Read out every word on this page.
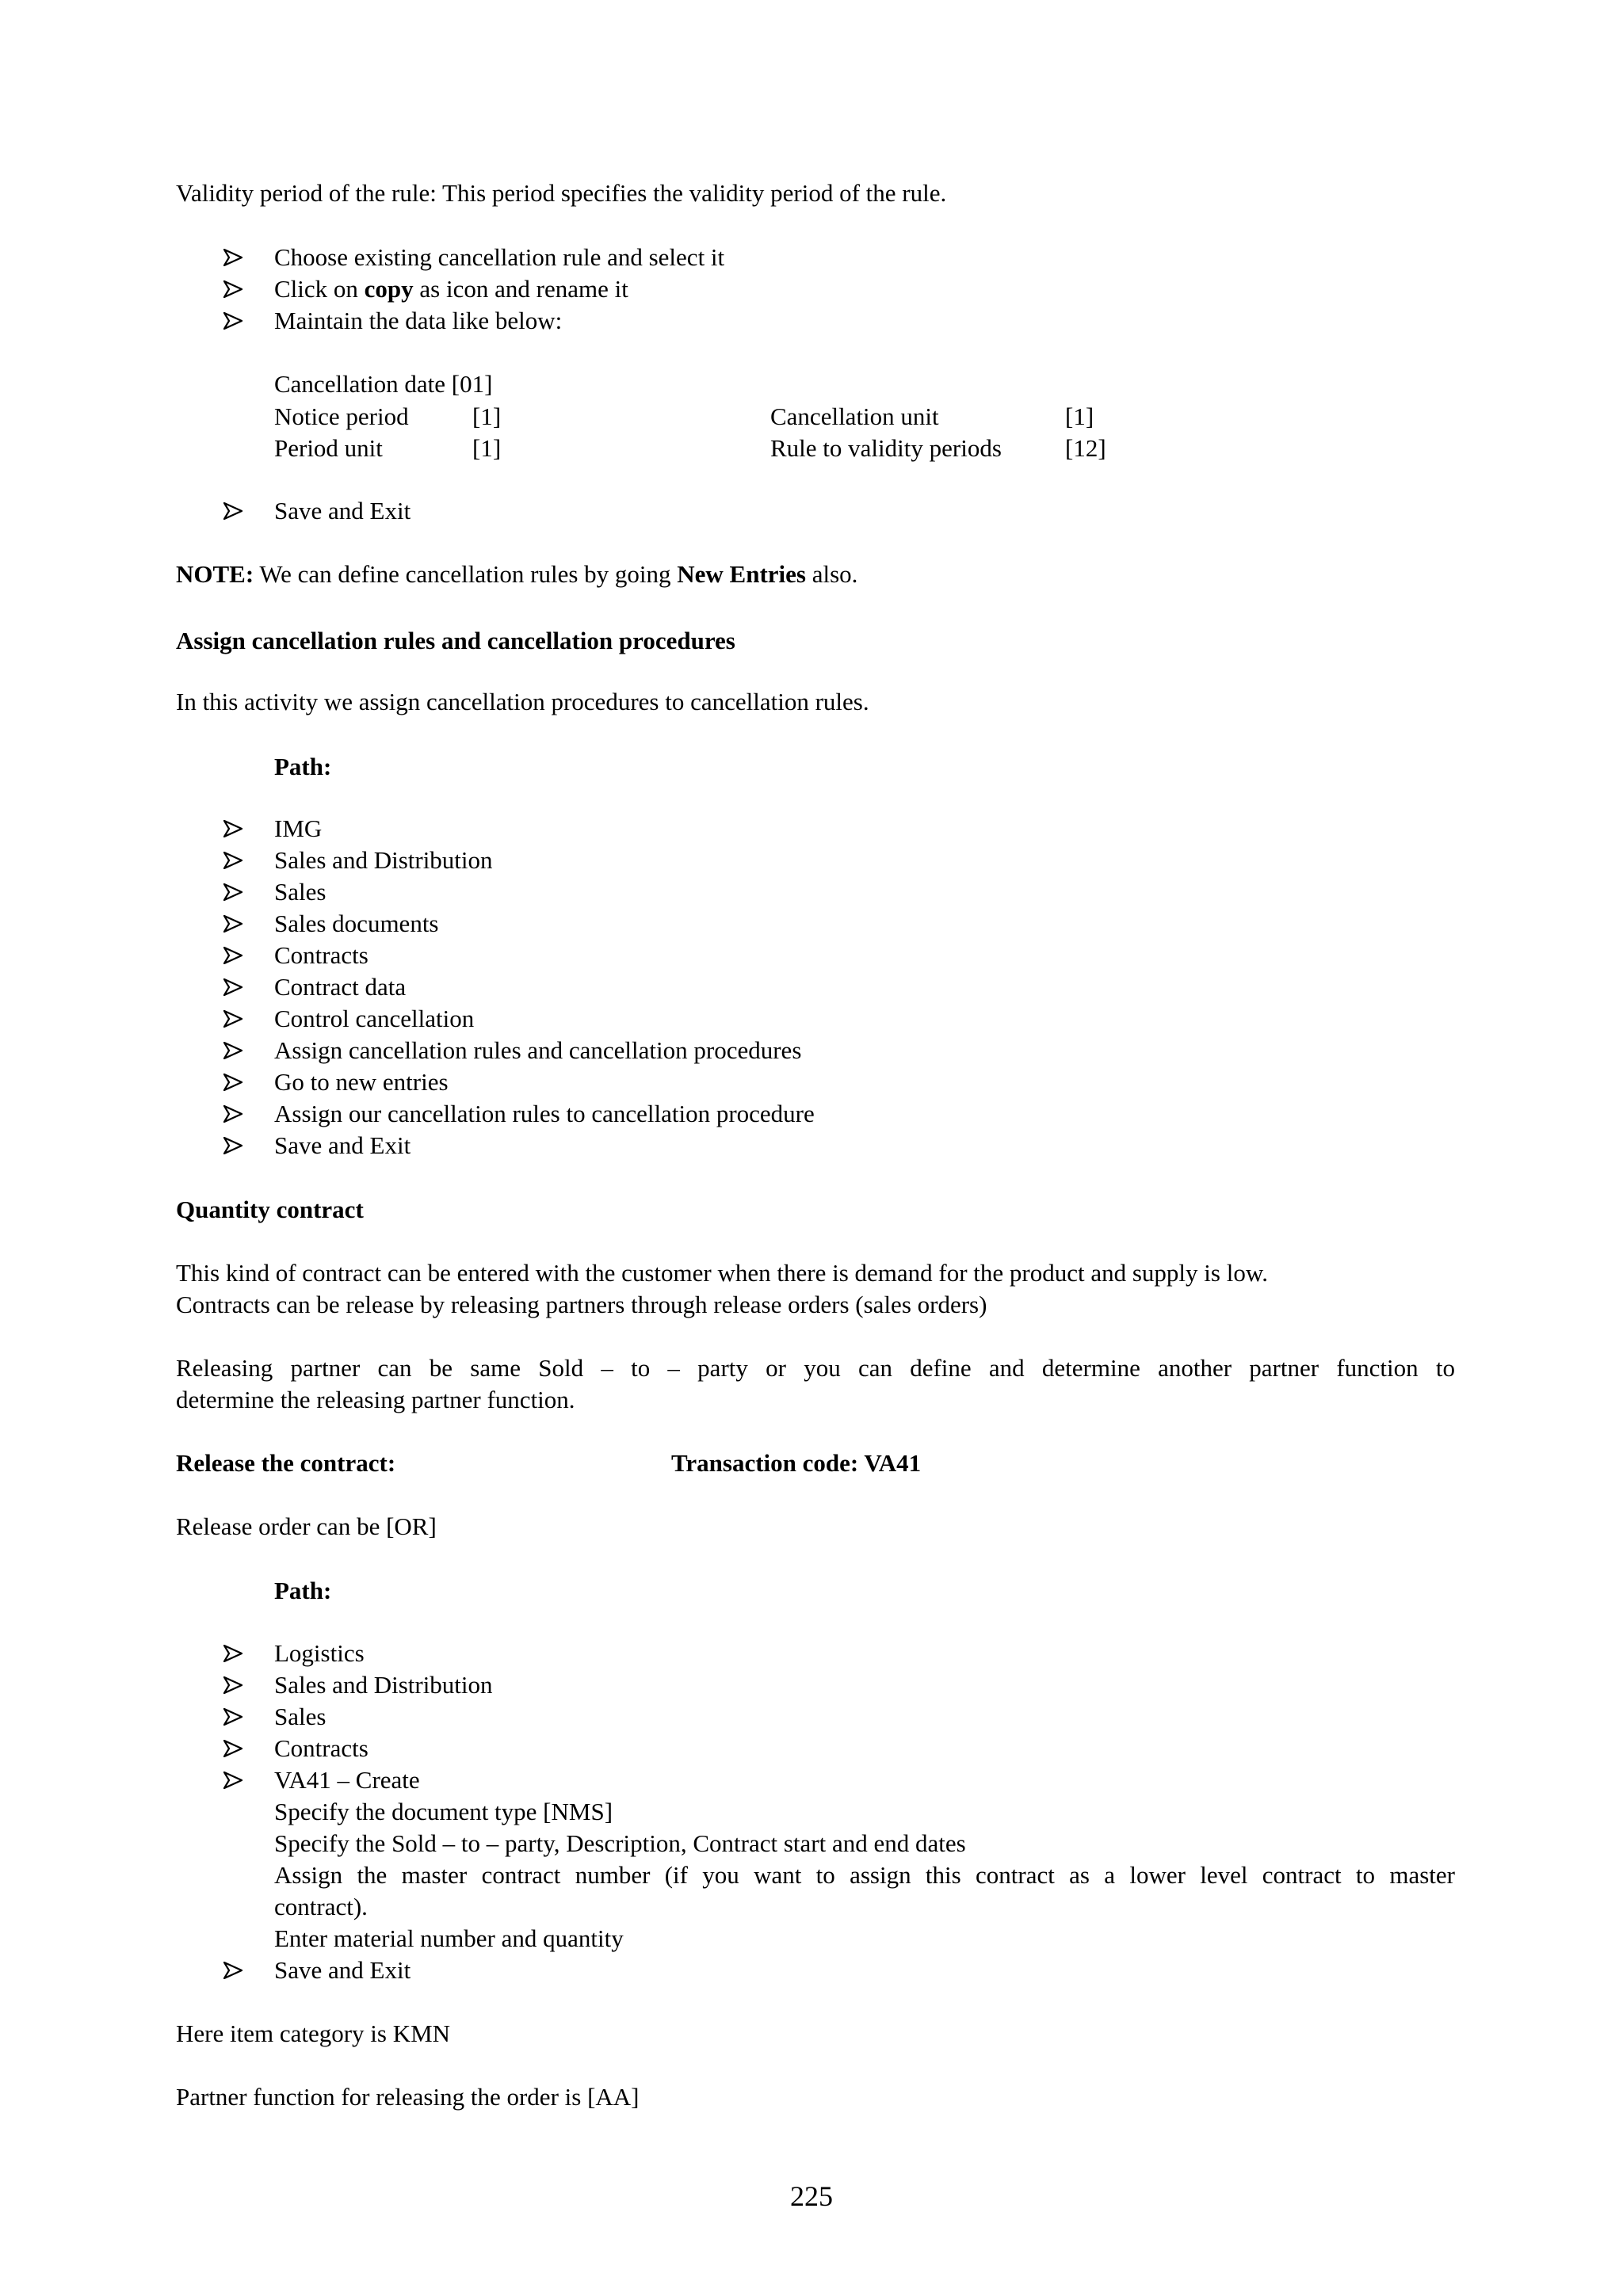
Validity period of the rule: This period specifies the validity period of the rule.
Choose existing cancellation rule and select it
Click on copy as icon and rename it
Maintain the data like below:
Cancellation date [01]
Notice period	[1]	Cancellation unit	[1]
Period unit	[1]	Rule to validity periods	[12]
Save and Exit
NOTE: We can define cancellation rules by going New Entries also.
Assign cancellation rules and cancellation procedures
In this activity we assign cancellation procedures to cancellation rules.
Path:
IMG
Sales and Distribution
Sales
Sales documents
Contracts
Contract data
Control cancellation
Assign cancellation rules and cancellation procedures
Go to new entries
Assign our cancellation rules to cancellation procedure
Save and Exit
Quantity contract
This kind of contract can be entered with the customer when there is demand for the product and supply is low.
Contracts can be release by releasing partners through release orders (sales orders)
Releasing partner can be same Sold – to – party or you can define and determine another partner function to
determine the releasing partner function.
Release the contract:	Transaction code: VA41
Release order can be [OR]
Path:
Logistics
Sales and Distribution
Sales
Contracts
VA41 – Create
Specify the document type [NMS]
Specify the Sold – to – party, Description, Contract start and end dates
Assign the master contract number (if you want to assign this contract as a lower level contract to master
contract).
Enter material number and quantity
Save and Exit
Here item category is KMN
Partner function for releasing the order is [AA]
225
